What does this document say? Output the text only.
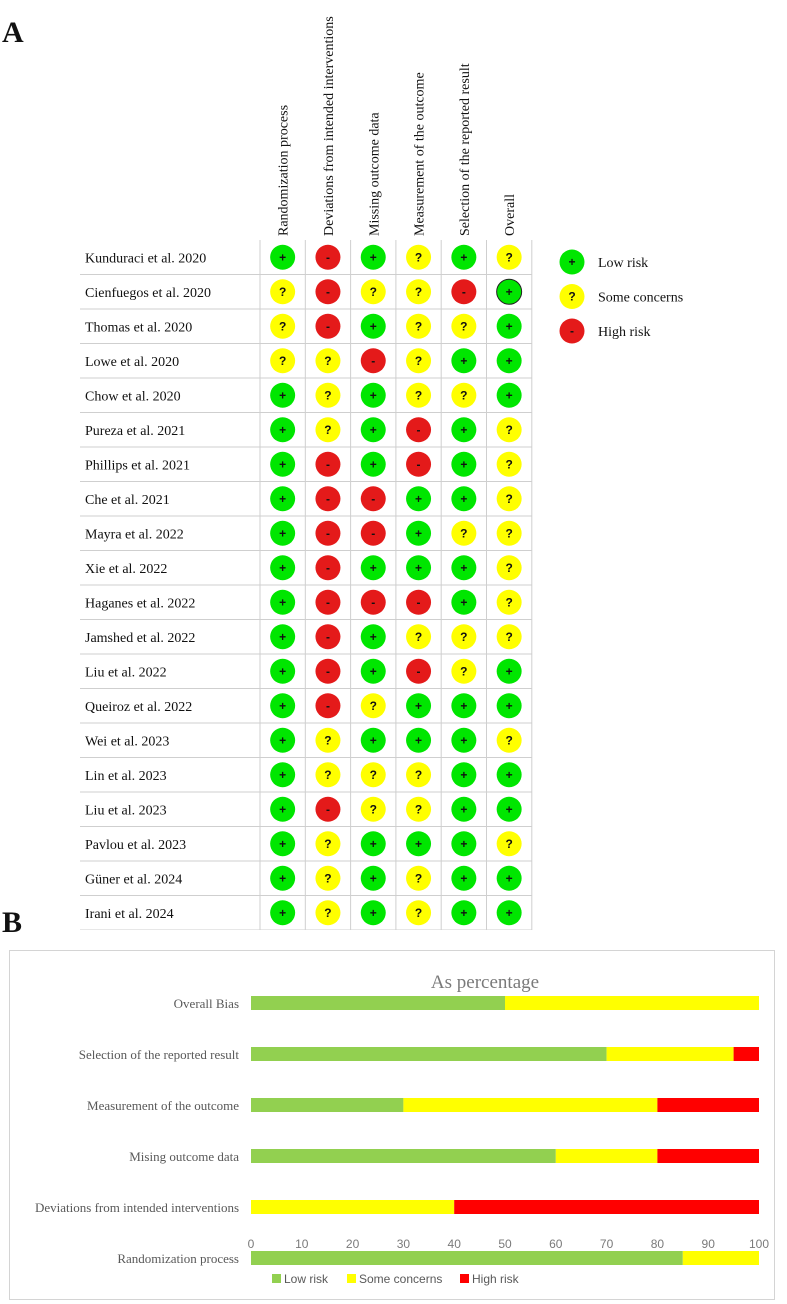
A
B
Randomization process Deviations from intended interventions Missing outcome data Measurement of the outcome Selection of the reported result Overall
Kunduraci et al. 2020	+	-	+	?	+	?
Cienfuegos et al. 2020	?	-	?	?	-	+
Thomas et al. 2020	?	-	+	?	?	+
Lowe et al. 2020	?	?	-	?	+	+
Chow et al. 2020	+	?	+	?	?	+
Pureza et al. 2021	+	?	+	-	+	?
Phillips et al. 2021	+	-	+	-	+	?
Che et al. 2021	+	-	-	+	+	?
Mayra et al. 2022	+	-	-	+	?	?
Xie et al. 2022	+	-	+	+	+	?
Haganes et al. 2022	+	-	-	-	+	?
Jamshed et al. 2022	+	-	+	?	?	?
Liu et al. 2022	+	-	+	-	?	+
Queiroz et al. 2022	+	-	?	+	+	+
Wei et al. 2023	+	?	+	+	+	?
Lin et al. 2023	+	?	?	?	+	+
Liu et al. 2023	+	-	?	?	+	+
Pavlou et al. 2023	+	?	+	+	+	?
Güner et al. 2024	+	?	+	?	+	+
Irani et al. 2024	+	?	+	?	+	+
+ Low risk
? Some concerns
- High risk
As percentage
Overall Bias
Selection of the reported result
Measurement of the outcome
Mising outcome data
Deviations from intended interventions
Randomization process
0	10	20	30	40	50	60	70	80	90	100
Low risk	Some concerns High risk
